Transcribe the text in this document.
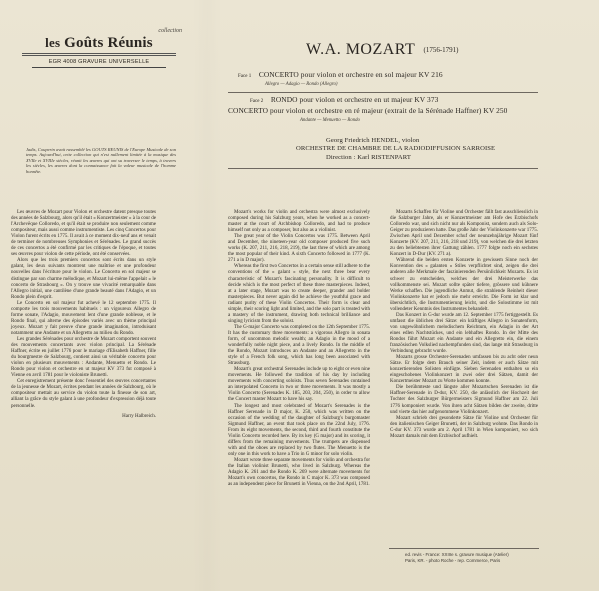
collection
les Goûts Réunis
EGR 4008 GRAVURE UNIVERSELLE
Jadis, Couperin avait rassemblé les GOUTS REUNIS de l'Europe Musicale de son temps. Aujourd'hui, cette collection qui n'est nullement limitée à la musique des XVIIe et XVIIIe siècles, réunit les œuvres qui ont su traverser le temps, à travers les siècles, les œuvres dont la connaissance fait la valeur musicale de l'homme honnête.
W.A. MOZART (1756-1791)
Face 1 CONCERTO pour violon et orchestre en sol majeur KV 216
Allegro — Adagio — Rondo (Allegro)
Face 2 RONDO pour violon et orchestre en ut majeur KV 373
CONCERTO pour violon et orchestre en ré majeur (extrait de la Sérénade Haffner) KV 250
Andante — Menuetto — Rondo
Georg Friedrich HENDEL, violon
ORCHESTRE DE CHAMBRE DE LA RADIODIFFUSION SARROISE
Direction : Karl RISTENPART

Les œuvres de Mozart pour Violon et orchestre datent presque toutes des années de Salzbourg, alors qu'il était « Konzertmeister » à la cour de l'Archevêque Colloredo, et qu'il était se produire non seulement comme compositeur, mais aussi comme instrumentiste. Les cinq Concertos pour Violon furent écrits en 1775. Il avait à ce moment dix-neuf ans et venait de terminer de nombreuses Symphonies et Sérénades. Le grand succès de ces concertos a été confirmé par les critiques de l'époque, et toutes ses œuvres pour violon de cette période, ont été conservées.

Alors que les trois premiers concertos sont écrits dans un style galant, les deux suivants montrent une maîtrise et une profondeur nouvelles dans l'écriture pour le violon. Le Concerto en sol majeur se distingue par son charme mélodique, et Mozart lui-même l'appelait « le concerto de Strasbourg ». On y trouve une vivacité remarquable dans l'Allegro initial, une cantilène d'une grande beauté dans l'Adagio, et un Rondo plein d'esprit.

Le Concerto en sol majeur fut achevé le 12 septembre 1775. Il comporte les trois mouvements habituels : un vigoureux Allegro de forme sonate, l'Adagio, mouvement lent d'une grande noblesse, et le Rondo final, qui alterne des épisodes variés avec un thème principal joyeux. Mozart y fait preuve d'une grande imagination, introduisant notamment une Andante et un Allegretto au milieu du Rondo.

Les grandes Sérénades pour orchestre de Mozart comportent souvent des mouvements concertants avec violon principal. La Sérénade Haffner, écrite en juillet 1776 pour le mariage d'Elisabeth Haffner, fille du bourgmestre de Salzbourg, contient ainsi un véritable concerto pour violon en plusieurs mouvements : Andante, Menuetto et Rondo. Le Rondo pour violon et orchestre en ut majeur KV 373 fut composé à Vienne en avril 1781 pour le violoniste Brunetti.

Cet enregistrement présente donc l'essentiel des œuvres concertantes de la jeunesse de Mozart, écrites pendant les années de Salzbourg, où le compositeur mettait au service du violon toute la finesse de son art, alliant la grâce du style galant à une profondeur d'expression déjà toute personnelle.

Harry Halbreich.

Mozart's works for violin and orchestra were almost exclusively composed during his Salzburg years, when he worked as a concert-master at the court of Archbishop Colloredo, and had to produce himself not only as a composer, but also as a violinist.

The great year of the Violin Concertos was 1775. Between April and December, the nineteen-year old composer produced five such works (K. 207, 211, 216, 218, 219), the last three of which are among the most popular of their kind. A sixth Concerto followed in 1777 (K. 271 a in D major).

Whereas the first two Concertos in a certain sense still adhere to the conventions of the « galant » style, the next three bear every characteristic of Mozart's fascinating personality. It is difficult to decide which is the most perfect of these three masterpieces. Indeed, at a later stage, Mozart was to create deeper, grander and bolder masterpieces. But never again did he achieve the youthful grace and radiant purity of these Violin Concertos. Their form is clear and simple, their scoring light and limited, and the solo part is treated with a mastery of the instrument, drawing both technical brilliance and singing lyricism from the soloist.

The G-major Concerto was completed on the 12th September 1775. It has the customary three movements: a vigorous Allegro in sonata form, of uncommon melodic wealth; an Adagio in the mood of a wonderfully noble night piece, and a lively Rondo. In the middle of the Rondo, Mozart introduces an Andante and an Allegretto in the style of a French folk song, which has long been associated with Strassburg.

Mozart's great orchestral Serenades include up to eight or even nine movements. He followed the tradition of his day by including movements with concerting soloists. Thus seven Serenades contained an interpolated Concerto in two or three movements. It was mostly a Violin Concerto (Serenades K. 185, 203, 204, 250), in order to allow the Concert master Mozart to have his say.

The longest and most celebrated of Mozart's Serenades is the Haffner Serenade in D major, K. 250, which was written on the occasion of the wedding of the daughter of Salzburg's burgomaster Sigmund Haffner, an event that took place on the 22nd July, 1776. From its eight movements, the second, third and fourth constitute the Violin Concerto recorded here. By its key (G major) and its scoring, it differs from the remaining movements. The trumpets are dispensed with and the oboes are replaced by two flutes. The Menuetto is the only one in this work to have a Trio in G minor for solo violin.

Mozart wrote three separate movements for violin and orchestra for the Italian violinist Brunetti, who lived in Salzburg. Whereas the Adagio K. 261 and the Rondo K. 269 were alternate movements for Mozart's own concertos, the Rondo in C major K. 373 was composed as an independent piece for Brunetti in Vienna, on the 2nd April, 1781.

Mozarts Schaffen für Violine und Orchester fällt fast ausschliesslich in die Salzburger Jahre, als er Konzertmeister am Hofe des Erzbischofs Colloredo war, und sich nicht nur als Komponist, sondern auch als Solo-Geiger zu produzieren hatte. Das große Jahr der Violinkonzerte war 1775. Zwischen April und Dezember schuf der neunzehnjährige Mozart fünf Konzerte (KV. 207, 211, 216, 218 und 219), von welchen die drei letzten zu den beliebtesten ihrer Gattung zählen. 1777 folgte noch ein sechstes Konzert in D-Dur (KV. 271 a).

Während die beiden ersten Konzerte in gewissem Sinne noch der Konvention des « galanten » Stiles verpflichtet sind, zeigen die drei anderen alle Merkmale der faszinierenden Persönlichkeit Mozarts. Es ist schwer zu entscheiden, welches der drei Meisterwerke das vollkommenste sei. Mozart sollte später tiefere, grössere und kühnere Werke schaffen. Die jugendliche Anmut, die strahlende Reinheit dieser Violinkonzerte hat er jedoch nie mehr erreicht. Die Form ist klar und übersichtlich, die Instrumentierung leicht, und die Solostimme ist mit vollendeter Kenntnis des Instrumentes behandelt.

Das Konzert in G-dur wurde am 12. September 1775 fertiggestellt. Es umfasst die üblichen drei Sätze: ein kräftiges Allegro in Sonatenform, von ungewöhnlichem melodischem Reichtum, ein Adagio in der Art eines edlen Nachtstückes, und ein lebhaftes Rondo. In der Mitte des Rondos führt Mozart ein Andante und ein Allegretto ein, die einem französischen Volkslied nachempfunden sind, das lange mit Strassburg in Verbindung gebracht wurde.

Mozarts grosse Orchester-Serenaden umfassen bis zu acht oder neun Sätze. Er folgte dem Brauch seiner Zeit, indem er auch Sätze mit konzertierenden Solisten einfügte. Sieben Serenaden enthalten so ein eingeschobenes Violinkonzert in zwei oder drei Sätzen, damit der Konzertmeister Mozart zu Worte kommen konnte.

Die berühmteste und längste aller Mozartschen Serenaden ist die Haffner-Serenade in D-dur, KV. 250, die anlässlich der Hochzeit der Tochter des Salzburger Bürgermeisters Sigmund Haffner am 22. Juli 1776 komponiert wurde. Von ihren acht Sätzen bilden der zweite, dritte und vierte das hier aufgenommene Violinkonzert.

Mozart schrieb drei gesonderte Sätze für Violine und Orchester für den italienischen Geiger Brunetti, der in Salzburg wohnte. Das Rondo in C-dur KV. 373 wurde am 2. April 1781 in Wien komponiert, wo sich Mozart damals mit dem Erzbischof aufhielt.

ed. revis - France: XXIIIe s. gravure musique (Atelier)
Paris, KR. - photo Roche - rep. Commerce, Paris
